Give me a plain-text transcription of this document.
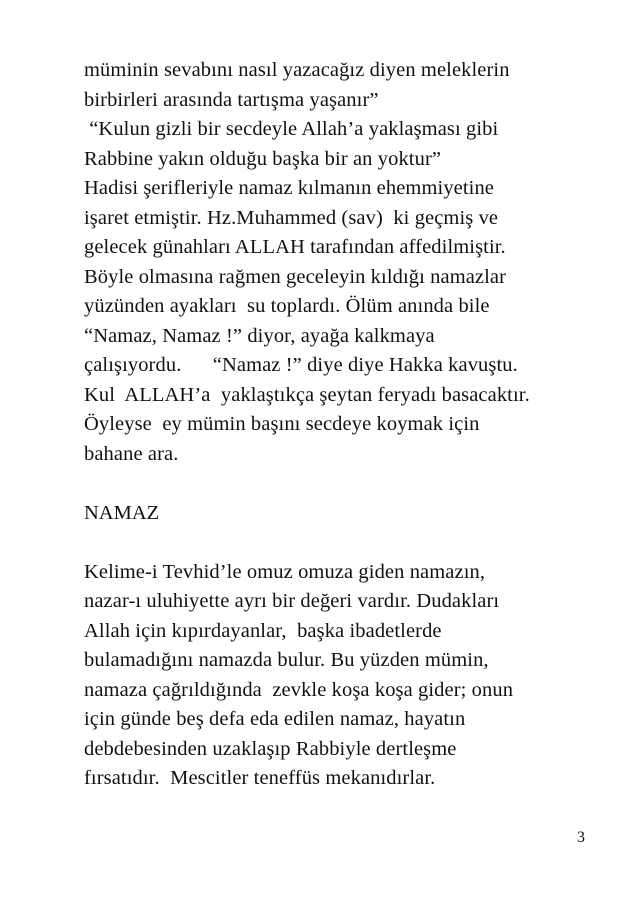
müminin sevabını nasıl yazacağız diyen meleklerin
birbirleri arasında tartışma yaşanır”
“Kulun gizli bir secdeyle Allah’a yaklaşması gibi
Rabbine yakın olduğu başka bir an yoktur”
Hadisi şerifleriyle namaz kılmanın ehemmiyetine
işaret etmiştir. Hz.Muhammed (sav)  ki geçmiş ve
gelecek günahları ALLAH tarafından affedilmiştir.
Böyle olmasına rağmen geceleyin kıldığı namazlar
yüzünden ayakları  su toplardı. Ölüm anında bile
“Namaz, Namaz !” diyor, ayağa kalkmaya
çalışıyordu.      “Namaz !” diye diye Hakka kavuştu.
Kul  ALLAH’a  yaklaştıkça şeytan feryadı basacaktır.
Öyleyse  ey mümin başını secdeye koymak için
bahane ara.
NAMAZ
Kelime-i Tevhid’le omuz omuza giden namazın,
nazar-ı uluhiyette ayrı bir değeri vardır. Dudakları
Allah için kıpırdayanlar,  başka ibadetlerde
bulamadığını namazda bulur. Bu yüzden mümin,
namaza çağrıldığında  zevkle koşa koşa gider; onun
için günde beş defa eda edilen namaz, hayatın
debdebesinden uzaklaşıp Rabbiyle dertleşme
fırsatıdır.  Mescitler teneffüs mekanıdırlar.
3
